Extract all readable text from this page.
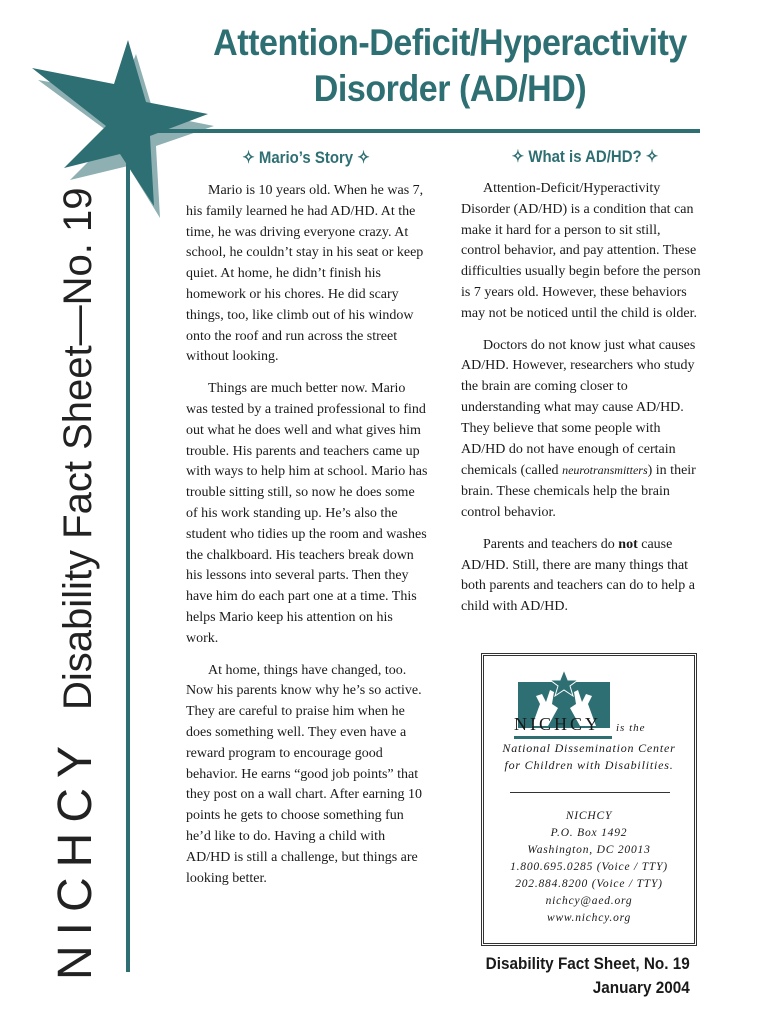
Attention-Deficit/Hyperactivity
Disorder (AD/HD)
NICHCYDisability Fact Sheet—No. 19
✧ Mario’s Story ✧

Mario is 10 years old. When he was 7, his family learned he had AD/HD. At the time, he was driving everyone crazy. At school, he couldn’t stay in his seat or keep quiet. At home, he didn’t finish his homework or his chores. He did scary things, too, like climb out of his window onto the roof and run across the street without looking.

Things are much better now. Mario was tested by a trained professional to find out what he does well and what gives him trouble. His parents and teachers came up with ways to help him at school. Mario has trouble sitting still, so now he does some of his work standing up. He’s also the student who tidies up the room and washes the chalkboard. His teachers break down his lessons into several parts. Then they have him do each part one at a time. This helps Mario keep his attention on his work.

At home, things have changed, too. Now his parents know why he’s so active. They are careful to praise him when he does something well. They even have a reward program to encourage good behavior. He earns “good job points” that they post on a wall chart. After earning 10 points he gets to choose something fun he’d like to do. Having a child with AD/HD is still a challenge, but things are looking better.

✧ What is AD/HD? ✧

Attention-Deficit/Hyperactivity Disorder (AD/HD) is a condition that can make it hard for a person to sit still, control behavior, and pay attention. These difficulties usually begin before the person is 7 years old. However, these behaviors may not be noticed until the child is older.

Doctors do not know just what causes AD/HD. However, researchers who study the brain are coming closer to understanding what may cause AD/HD. They believe that some people with AD/HD do not have enough of certain chemicals (called neurotransmitters) in their brain. These chemicals help the brain control behavior.

Parents and teachers do not cause AD/HD. Still, there are many things that both parents and teachers can do to help a child with AD/HD.

NICHCY is the
National Dissemination Center
for Children with Disabilities.
NICHCY
P.O. Box 1492
Washington, DC 20013
1.800.695.0285 (Voice / TTY)
202.884.8200 (Voice / TTY)
nichcy@aed.org
www.nichcy.org
Disability Fact Sheet, No. 19
January 2004
